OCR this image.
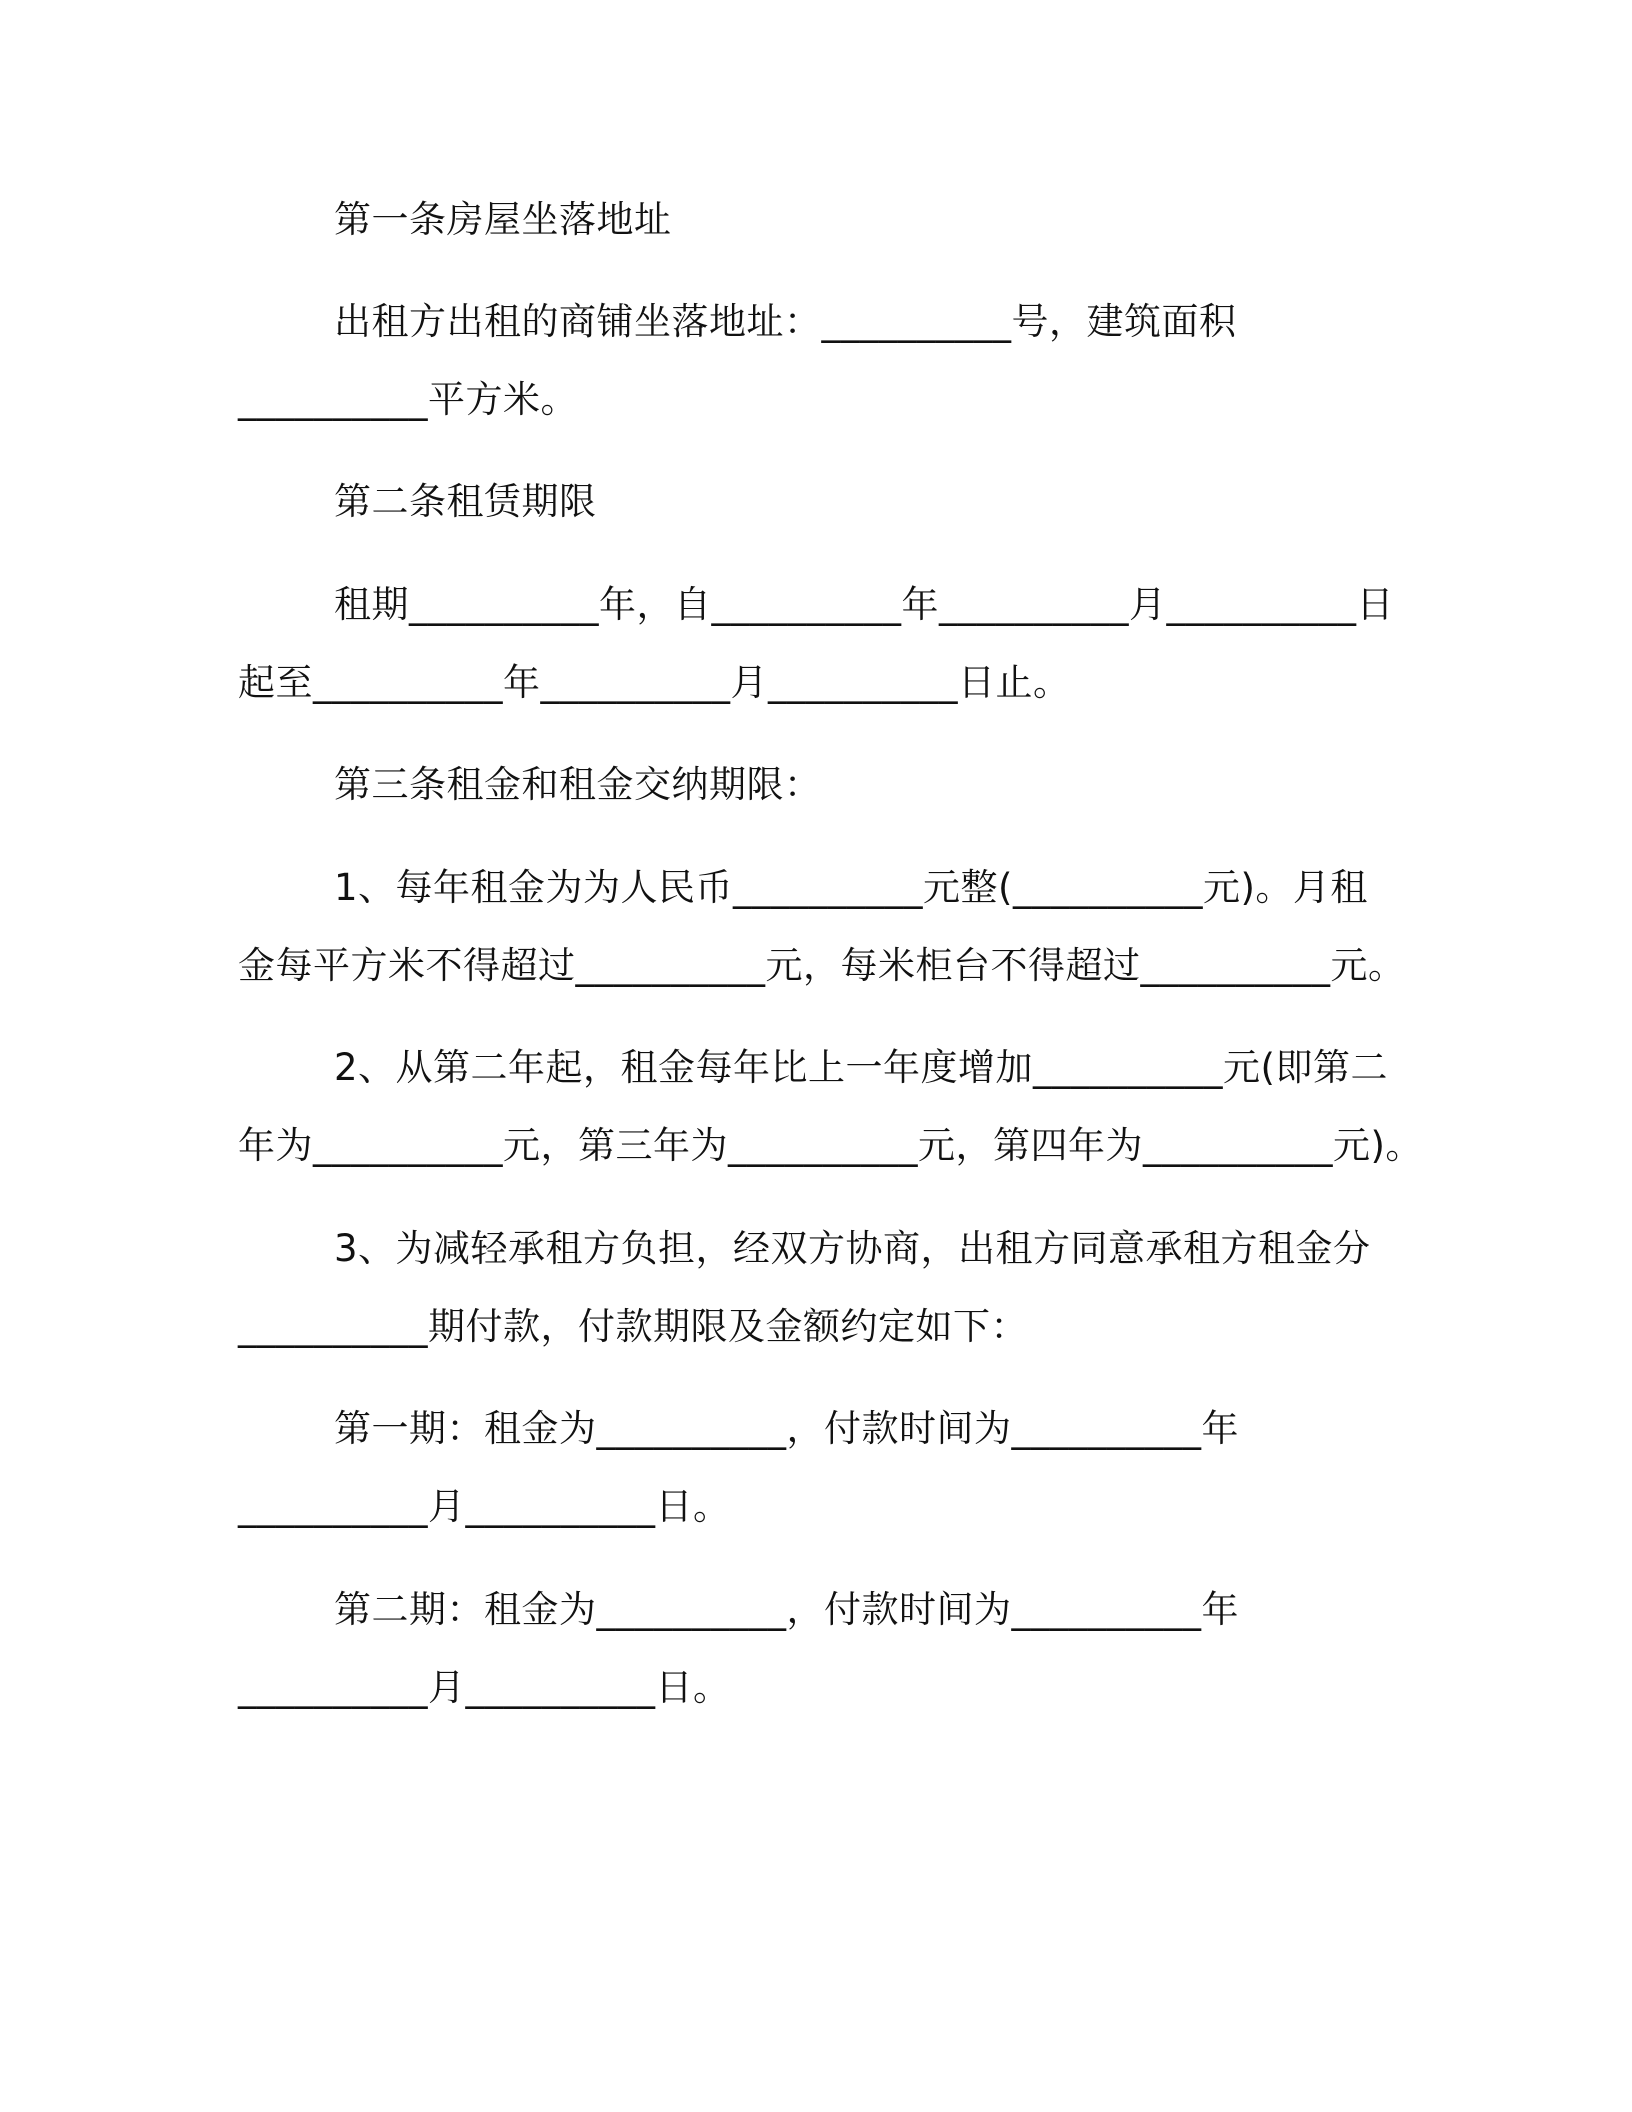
第一条房屋坐落地址
出租方出租的商铺坐落地址：__________号，建筑面积
__________平方米。
第二条租赁期限
租期__________年，自__________年__________月__________日
起至__________年__________月__________日止。
第三条租金和租金交纳期限：
1、每年租金为为人民币__________元整(__________元)。月租
金每平方米不得超过__________元，每米柜台不得超过__________元。
2、从第二年起，租金每年比上一年度增加__________元(即第二
年为__________元，第三年为__________元，第四年为__________元)。
3、为减轻承租方负担，经双方协商，出租方同意承租方租金分
__________期付款，付款期限及金额约定如下：
第一期：租金为__________，付款时间为__________年
__________月__________日。
第二期：租金为__________，付款时间为__________年
__________月__________日。
